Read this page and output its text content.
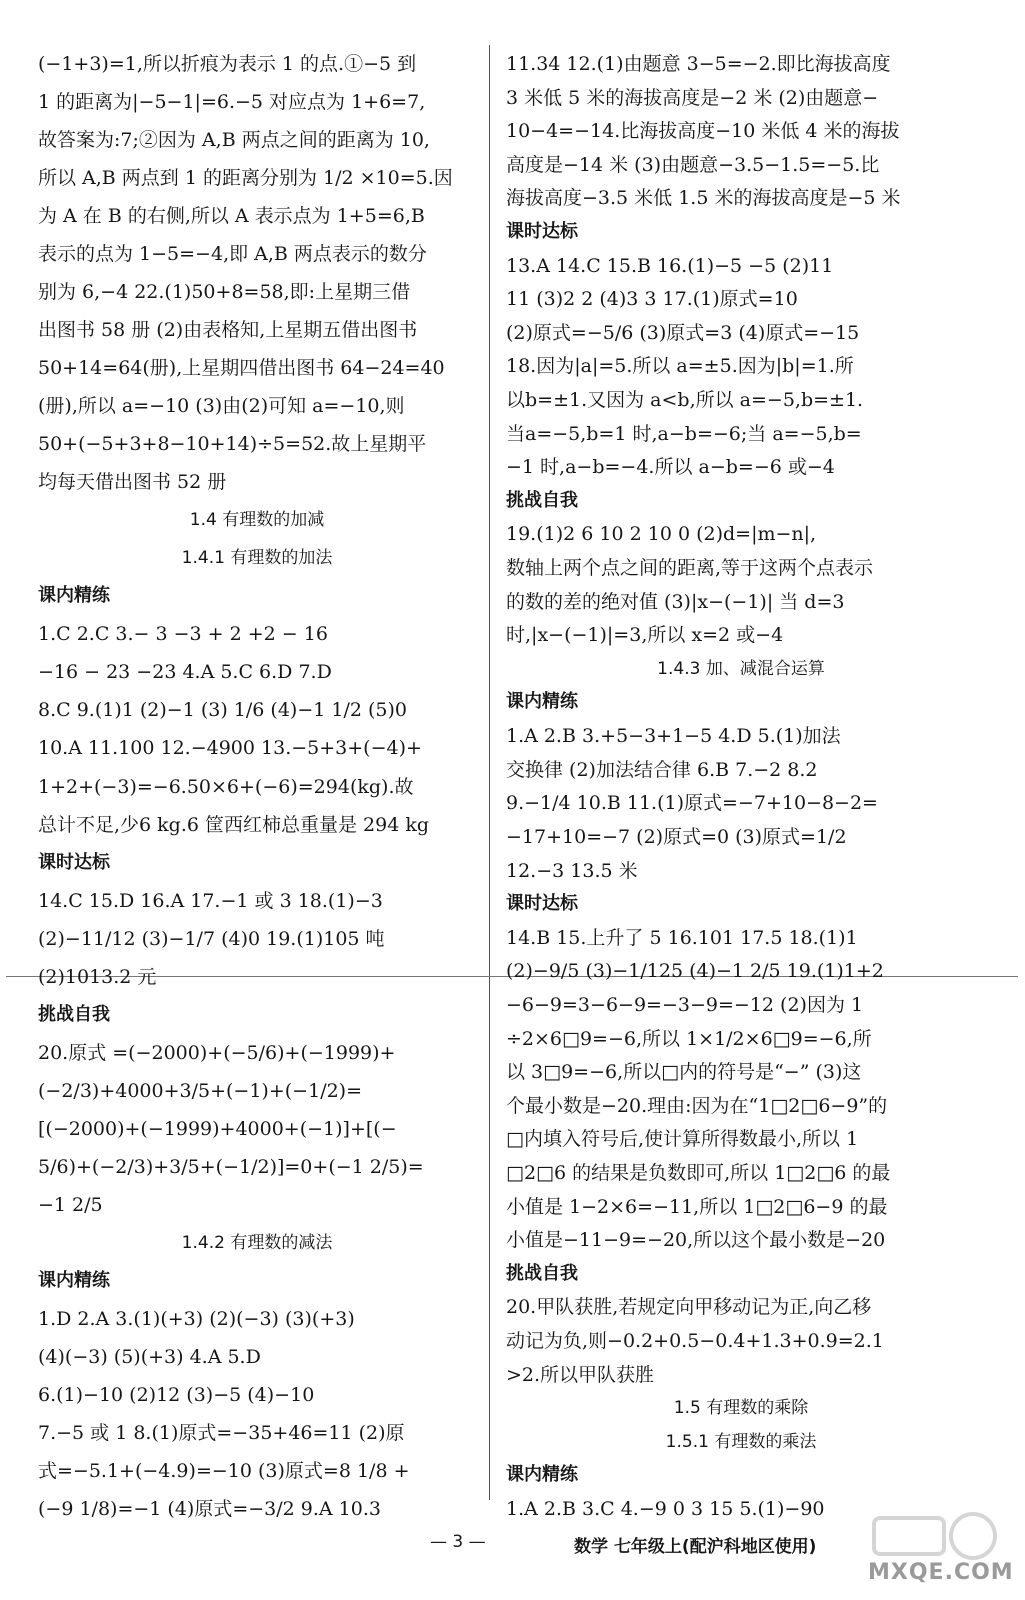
(−1+3)=1,所以折痕为表示 1 的点.①−5 到
1 的距离为|−5−1|=6.−5 对应点为 1+6=7,
故答案为:7;②因为 A,B 两点之间的距离为 10,
所以 A,B 两点到 1 的距离分别为 1/2 ×10=5.因
为 A 在 B 的右侧,所以 A 表示点为 1+5=6,B
表示的点为 1−5=−4,即 A,B 两点表示的数分
别为 6,−4 22.(1)50+8=58,即:上星期三借
出图书 58 册 (2)由表格知,上星期五借出图书
50+14=64(册),上星期四借出图书 64−24=40
(册),所以 a=−10 (3)由(2)可知 a=−10,则
50+(−5+3+8−10+14)÷5=52.故上星期平
均每天借出图书 52 册
1.4 有理数的加减
1.4.1 有理数的加法
课内精练
1.C 2.C 3.− 3 −3 + 2 +2 − 16
−16 − 23 −23 4.A 5.C 6.D 7.D
8.C 9.(1)1 (2)−1 (3) 1/6 (4)−1 1/2 (5)0
10.A 11.100 12.−4900 13.−5+3+(−4)+
1+2+(−3)=−6.50×6+(−6)=294(kg).故
总计不足,少6 kg.6 筐西红柿总重量是 294 kg
课时达标
14.C 15.D 16.A 17.−1 或 3 18.(1)−3
(2)−11/12 (3)−1/7 (4)0 19.(1)105 吨
(2)1013.2 元
挑战自我
20.原式 =(−2000)+(−5/6)+(−1999)+
(−2/3)+4000+3/5+(−1)+(−1/2)=
[(−2000)+(−1999)+4000+(−1)]+[(−
5/6)+(−2/3)+3/5+(−1/2)]=0+(−1 2/5)=
−1 2/5
1.4.2 有理数的减法
课内精练
1.D 2.A 3.(1)(+3) (2)(−3) (3)(+3)
(4)(−3) (5)(+3) 4.A 5.D
6.(1)−10 (2)12 (3)−5 (4)−10
7.−5 或 1 8.(1)原式=−35+46=11 (2)原
式=−5.1+(−4.9)=−10 (3)原式=8 1/8 +
(−9 1/8)=−1 (4)原式=−3/2 9.A 10.3
11.34 12.(1)由题意 3−5=−2.即比海拔高度
3 米低 5 米的海拔高度是−2 米 (2)由题意−
10−4=−14.比海拔高度−10 米低 4 米的海拔
高度是−14 米 (3)由题意−3.5−1.5=−5.比
海拔高度−3.5 米低 1.5 米的海拔高度是−5 米
课时达标
13.A 14.C 15.B 16.(1)−5 −5 (2)11
11 (3)2 2 (4)3 3 17.(1)原式=10
(2)原式=−5/6 (3)原式=3 (4)原式=−15
18.因为|a|=5.所以 a=±5.因为|b|=1.所
以b=±1.又因为 a<b,所以 a=−5,b=±1.
当a=−5,b=1 时,a−b=−6;当 a=−5,b=
−1 时,a−b=−4.所以 a−b=−6 或−4
挑战自我
19.(1)2 6 10 2 10 0 (2)d=|m−n|,
数轴上两个点之间的距离,等于这两个点表示
的数的差的绝对值 (3)|x−(−1)| 当 d=3
时,|x−(−1)|=3,所以 x=2 或−4
1.4.3 加、减混合运算
课内精练
1.A 2.B 3.+5−3+1−5 4.D 5.(1)加法
交换律 (2)加法结合律 6.B 7.−2 8.2
9.−1/4 10.B 11.(1)原式=−7+10−8−2=
−17+10=−7 (2)原式=0 (3)原式=1/2
12.−3 13.5 米
课时达标
14.B 15.上升了 5 16.101 17.5 18.(1)1
(2)−9/5 (3)−1/125 (4)−1 2/5 19.(1)1+2
−6−9=3−6−9=−3−9=−12 (2)因为 1
÷2×6□9=−6,所以 1×1/2×6□9=−6,所
以 3□9=−6,所以□内的符号是“−” (3)这
个最小数是−20.理由:因为在“1□2□6−9”的
□内填入符号后,使计算所得数最小,所以 1
□2□6 的结果是负数即可,所以 1□2□6 的最
小值是 1−2×6=−11,所以 1□2□6−9 的最
小值是−11−9=−20,所以这个最小数是−20
挑战自我
20.甲队获胜,若规定向甲移动记为正,向乙移
动记为负,则−0.2+0.5−0.4+1.3+0.9=2.1
>2.所以甲队获胜
1.5 有理数的乘除
1.5.1 有理数的乘法
课内精练
1.A 2.B 3.C 4.−9 0 3 15 5.(1)−90
— 3 —	数学 七年级上(配沪科地区使用)
MXQE.COM
